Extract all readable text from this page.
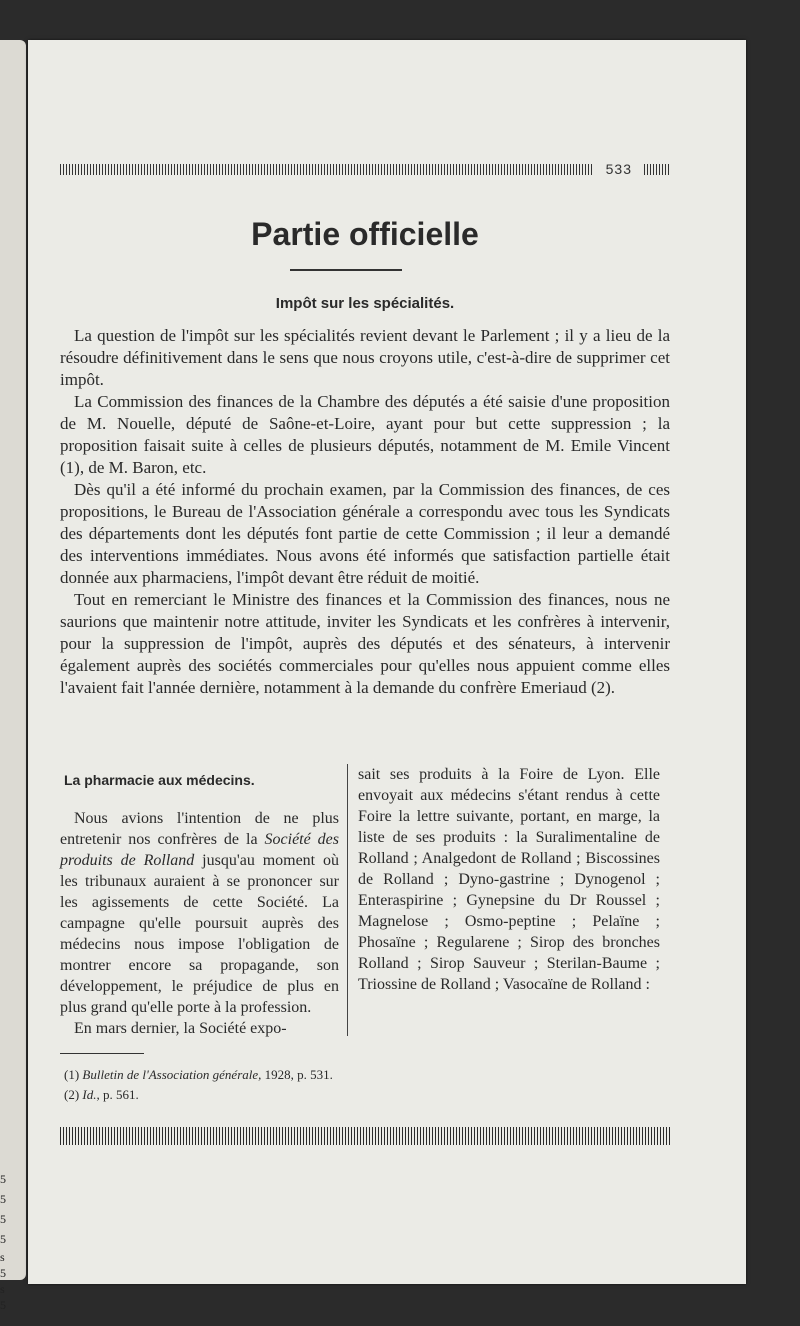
5
5
5
5
s
5
s
5
533
Partie officielle
Impôt sur les spécialités.

La question de l'impôt sur les spécialités revient devant le Parlement ; il y a lieu de la résoudre définitivement dans le sens que nous croyons utile, c'est-à-dire de supprimer cet impôt.

La Commission des finances de la Chambre des députés a été saisie d'une proposition de M. Nouelle, député de Saône-et-Loire, ayant pour but cette suppression ; la proposition faisait suite à celles de plusieurs députés, notamment de M. Emile Vincent (1), de M. Baron, etc.

Dès qu'il a été informé du prochain examen, par la Commission des finances, de ces propositions, le Bureau de l'Association générale a correspondu avec tous les Syndicats des départements dont les députés font partie de cette Commission ; il leur a demandé des interventions immédiates. Nous avons été informés que satisfaction partielle était donnée aux pharmaciens, l'impôt devant être réduit de moitié.

Tout en remerciant le Ministre des finances et la Commission des finances, nous ne saurions que maintenir notre attitude, inviter les Syndicats et les confrères à intervenir, pour la suppression de l'impôt, auprès des députés et des sénateurs, à intervenir également auprès des sociétés commerciales pour qu'elles nous appuient comme elles l'avaient fait l'année dernière, notamment à la demande du confrère Emeriaud (2).

La pharmacie aux médecins.

Nous avions l'intention de ne plus entretenir nos confrères de la Société des produits de Rolland jusqu'au moment où les tribunaux auraient à se prononcer sur les agissements de cette Société. La campagne qu'elle poursuit auprès des médecins nous impose l'obligation de montrer encore sa propagande, son développement, le préjudice de plus en plus grand qu'elle porte à la profession.

En mars dernier, la Société expo-

sait ses produits à la Foire de Lyon. Elle envoyait aux médecins s'étant rendus à cette Foire la lettre suivante, portant, en marge, la liste de ses produits : la Suralimentaline de Rolland ; Analgedont de Rolland ; Biscossines de Rolland ; Dyno-gastrine ; Dynogenol ; Enteraspirine ; Gynepsine du Dr Roussel ; Magnelose ; Osmo-peptine ; Pelaïne ; Phosaïne ; Regularene ; Sirop des bronches Rolland ; Sirop Sauveur ; Sterilan-Baume ; Triossine de Rolland ; Vasocaïne de Rolland :

(1) Bulletin de l'Association générale, 1928, p. 531.

(2) Id., p. 561.
